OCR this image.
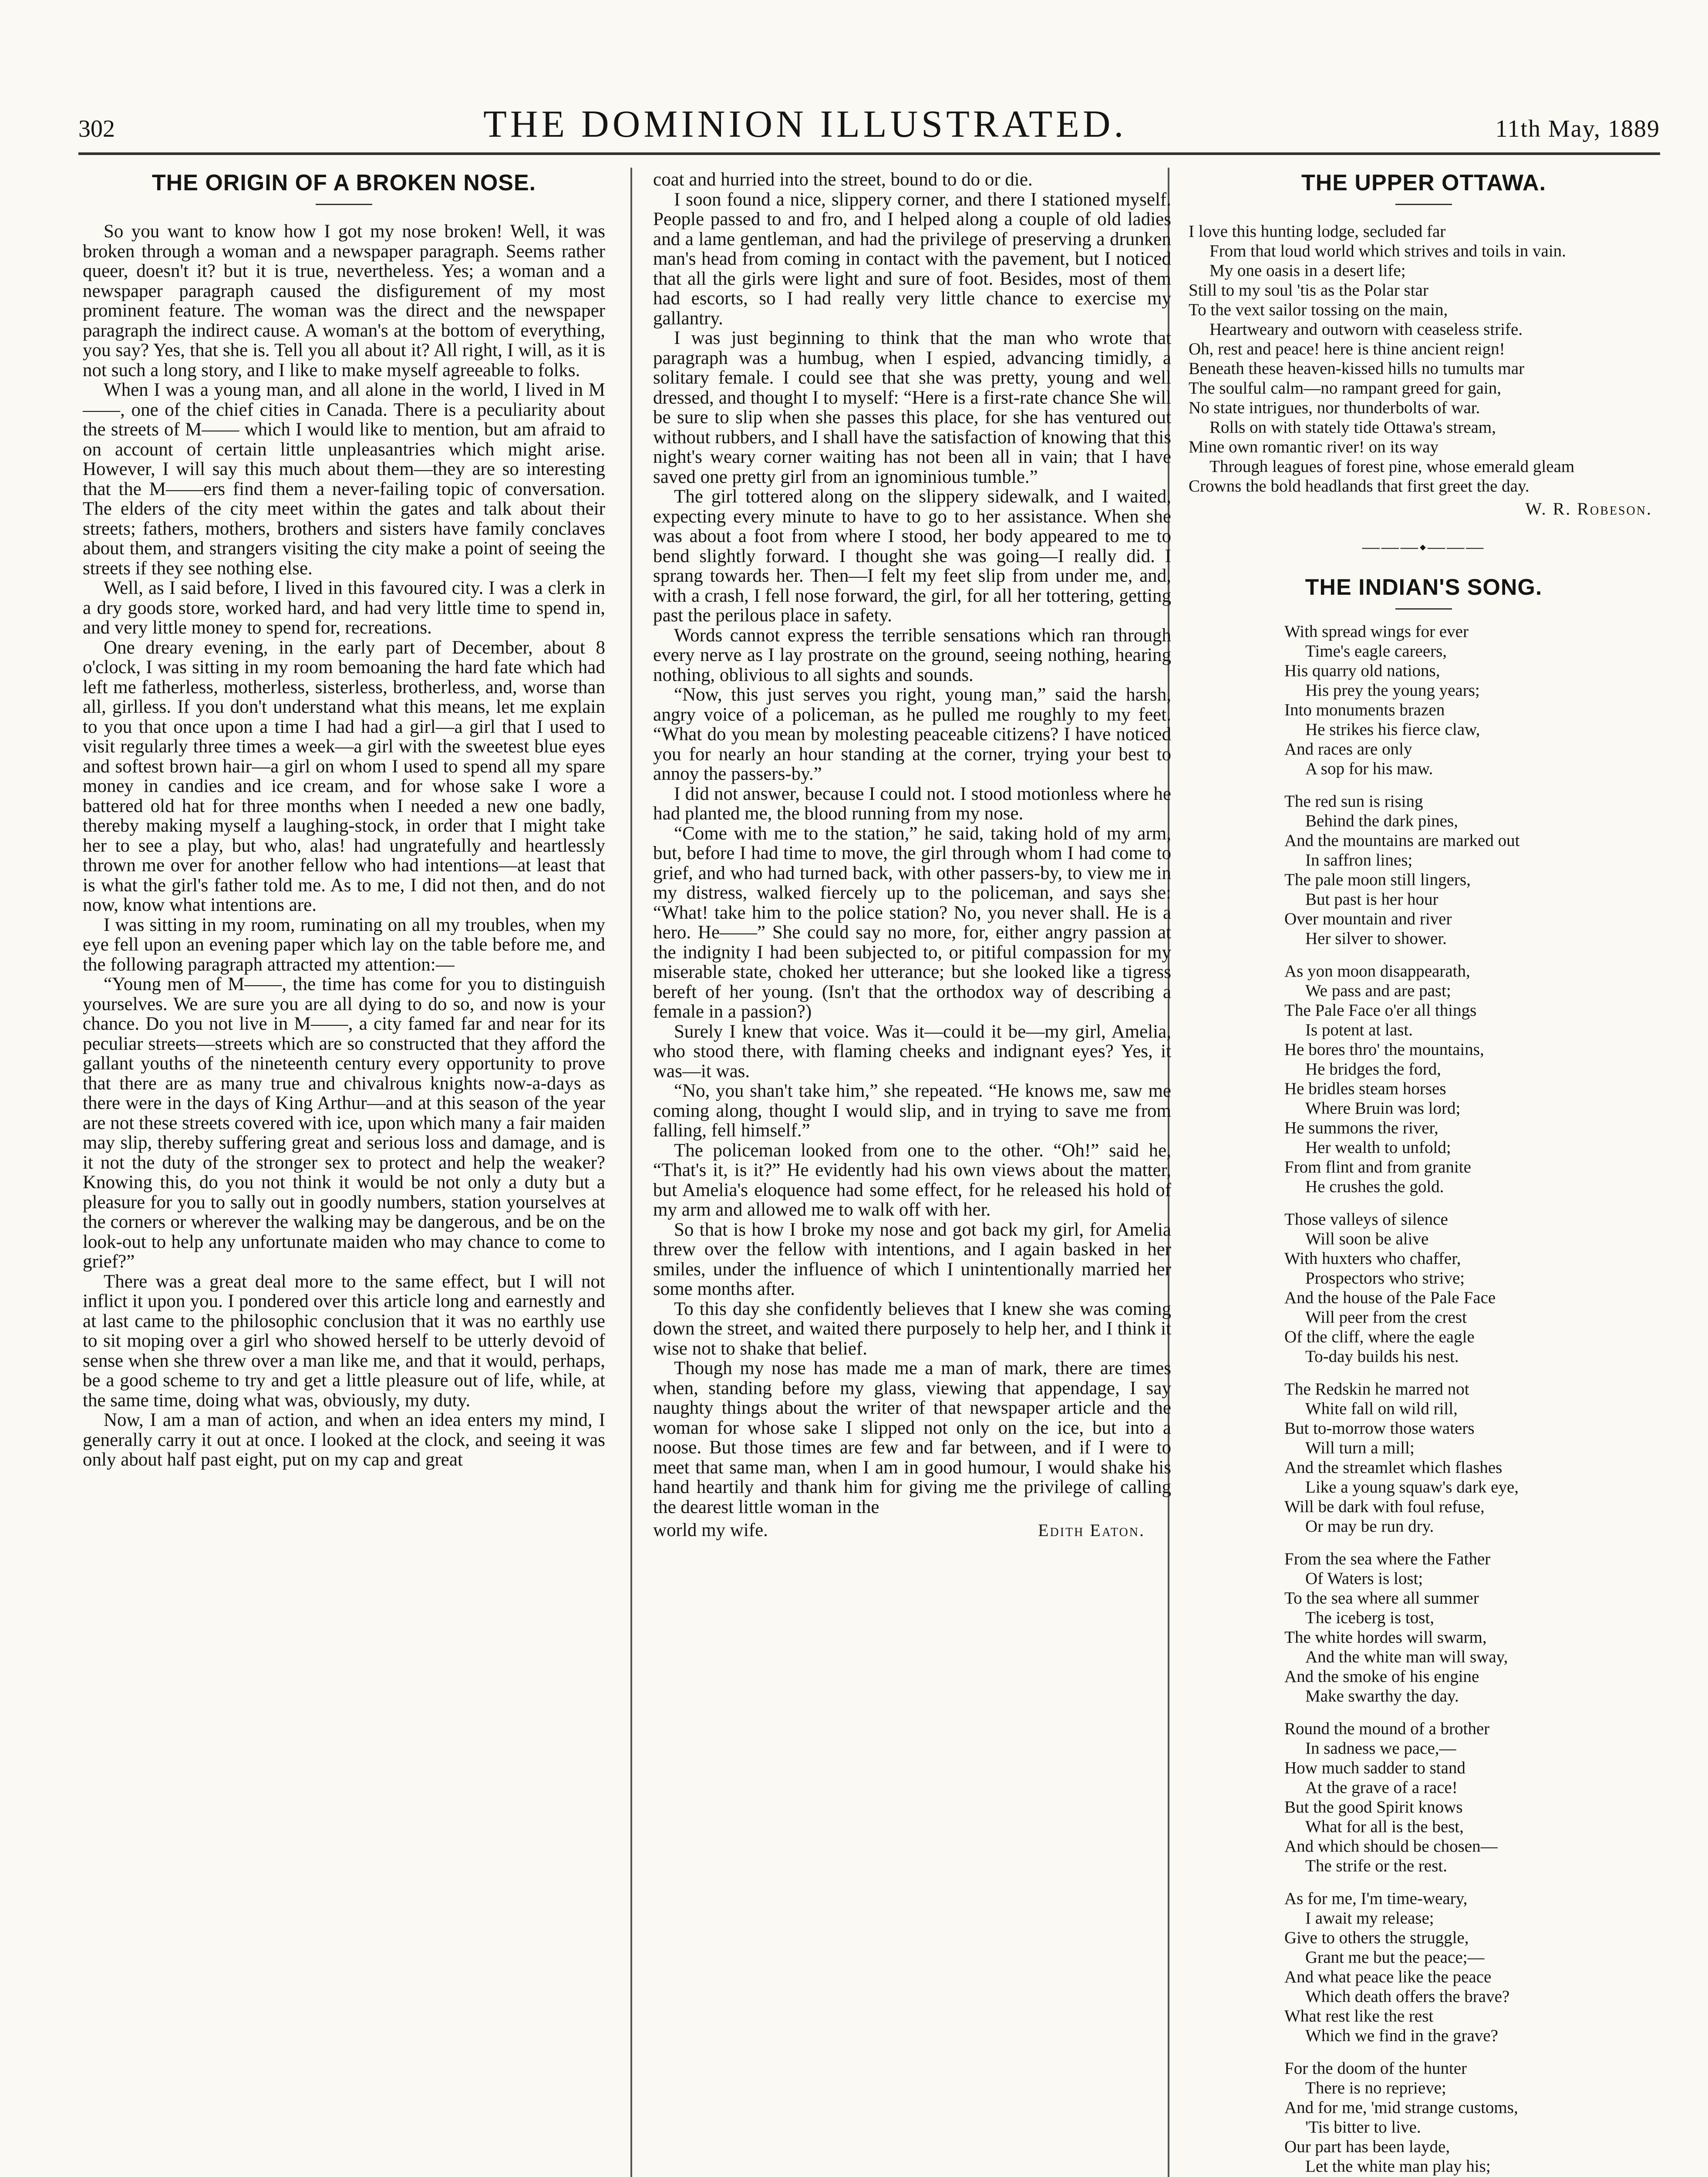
302	THE DOMINION ILLUSTRATED.	11th May, 1889
THE ORIGIN OF A BROKEN NOSE.

So you want to know how I got my nose broken! Well, it was broken through a woman and a newspaper paragraph. Seems rather queer, doesn't it? but it is true, nevertheless. Yes; a woman and a newspaper paragraph caused the disfigurement of my most prominent feature. The woman was the direct and the newspaper paragraph the indirect cause. A woman's at the bottom of everything, you say? Yes, that she is. Tell you all about it? All right, I will, as it is not such a long story, and I like to make myself agreeable to folks.

When I was a young man, and all alone in the world, I lived in M——, one of the chief cities in Canada. There is a peculiarity about the streets of M—— which I would like to mention, but am afraid to on account of certain little unpleasantries which might arise. However, I will say this much about them—they are so interesting that the M——ers find them a never-failing topic of conversation. The elders of the city meet within the gates and talk about their streets; fathers, mothers, brothers and sisters have family conclaves about them, and strangers visiting the city make a point of seeing the streets if they see nothing else.

Well, as I said before, I lived in this favoured city. I was a clerk in a dry goods store, worked hard, and had very little time to spend in, and very little money to spend for, recreations.

One dreary evening, in the early part of December, about 8 o'clock, I was sitting in my room bemoaning the hard fate which had left me fatherless, motherless, sisterless, brotherless, and, worse than all, girlless. If you don't understand what this means, let me explain to you that once upon a time I had had a girl—a girl that I used to visit regularly three times a week—a girl with the sweetest blue eyes and softest brown hair—a girl on whom I used to spend all my spare money in candies and ice cream, and for whose sake I wore a battered old hat for three months when I needed a new one badly, thereby making myself a laughing-stock, in order that I might take her to see a play, but who, alas! had ungratefully and heartlessly thrown me over for another fellow who had intentions—at least that is what the girl's father told me. As to me, I did not then, and do not now, know what intentions are.

I was sitting in my room, ruminating on all my troubles, when my eye fell upon an evening paper which lay on the table before me, and the following paragraph attracted my attention:—

“Young men of M——, the time has come for you to distinguish yourselves. We are sure you are all dying to do so, and now is your chance. Do you not live in M——, a city famed far and near for its peculiar streets—streets which are so constructed that they afford the gallant youths of the nineteenth century every opportunity to prove that there are as many true and chivalrous knights now-a-days as there were in the days of King Arthur—and at this season of the year are not these streets covered with ice, upon which many a fair maiden may slip, thereby suffering great and serious loss and damage, and is it not the duty of the stronger sex to protect and help the weaker? Knowing this, do you not think it would be not only a duty but a pleasure for you to sally out in goodly numbers, station yourselves at the corners or wherever the walking may be dangerous, and be on the look-out to help any unfortunate maiden who may chance to come to grief?”

There was a great deal more to the same effect, but I will not inflict it upon you. I pondered over this article long and earnestly and at last came to the philosophic conclusion that it was no earthly use to sit moping over a girl who showed herself to be utterly devoid of sense when she threw over a man like me, and that it would, perhaps, be a good scheme to try and get a little pleasure out of life, while, at the same time, doing what was, obviously, my duty.

Now, I am a man of action, and when an idea enters my mind, I generally carry it out at once. I looked at the clock, and seeing it was only about half past eight, put on my cap and great

coat and hurried into the street, bound to do or die.

I soon found a nice, slippery corner, and there I stationed myself. People passed to and fro, and I helped along a couple of old ladies and a lame gentleman, and had the privilege of preserving a drunken man's head from coming in contact with the pavement, but I noticed that all the girls were light and sure of foot. Besides, most of them had escorts, so I had really very little chance to exercise my gallantry.

I was just beginning to think that the man who wrote that paragraph was a humbug, when I espied, advancing timidly, a solitary female. I could see that she was pretty, young and well dressed, and thought I to myself: “Here is a first-rate chance She will be sure to slip when she passes this place, for she has ventured out without rubbers, and I shall have the satisfaction of knowing that this night's weary corner waiting has not been all in vain; that I have saved one pretty girl from an ignominious tumble.”

The girl tottered along on the slippery sidewalk, and I waited, expecting every minute to have to go to her assistance. When she was about a foot from where I stood, her body appeared to me to bend slightly forward. I thought she was going—I really did. I sprang towards her. Then—I felt my feet slip from under me, and, with a crash, I fell nose forward, the girl, for all her tottering, getting past the perilous place in safety.

Words cannot express the terrible sensations which ran through every nerve as I lay prostrate on the ground, seeing nothing, hearing nothing, oblivious to all sights and sounds.

“Now, this just serves you right, young man,” said the harsh, angry voice of a policeman, as he pulled me roughly to my feet. “What do you mean by molesting peaceable citizens? I have noticed you for nearly an hour standing at the corner, trying your best to annoy the passers-by.”

I did not answer, because I could not. I stood motionless where he had planted me, the blood running from my nose.

“Come with me to the station,” he said, taking hold of my arm, but, before I had time to move, the girl through whom I had come to grief, and who had turned back, with other passers-by, to view me in my distress, walked fiercely up to the policeman, and says she: “What! take him to the police station? No, you never shall. He is a hero. He——” She could say no more, for, either angry passion at the indignity I had been subjected to, or pitiful compassion for my miserable state, choked her utterance; but she looked like a tigress bereft of her young. (Isn't that the orthodox way of describing a female in a passion?)

Surely I knew that voice. Was it—could it be—my girl, Amelia, who stood there, with flaming cheeks and indignant eyes? Yes, it was—it was.

“No, you shan't take him,” she repeated. “He knows me, saw me coming along, thought I would slip, and in trying to save me from falling, fell himself.”

The policeman looked from one to the other. “Oh!” said he, “That's it, is it?” He evidently had his own views about the matter, but Amelia's eloquence had some effect, for he released his hold of my arm and allowed me to walk off with her.

So that is how I broke my nose and got back my girl, for Amelia threw over the fellow with intentions, and I again basked in her smiles, under the influence of which I unintentionally married her some months after.

To this day she confidently believes that I knew she was coming down the street, and waited there purposely to help her, and I think it wise not to shake that belief.

Though my nose has made me a man of mark, there are times when, standing before my glass, viewing that appendage, I say naughty things about the writer of that newspaper article and the woman for whose sake I slipped not only on the ice, but into a noose. But those times are few and far between, and if I were to meet that same man, when I am in good humour, I would shake his hand heartily and thank him for giving me the privilege of calling the dearest little woman in the

world my wife.	Edith Eaton.
THE UPPER OTTAWA.
I love this hunting lodge, secluded far
From that loud world which strives and toils in vain.
My one oasis in a desert life;
Still to my soul 'tis as the Polar star
To the vext sailor tossing on the main,
Heartweary and outworn with ceaseless strife.
Oh, rest and peace! here is thine ancient reign!
Beneath these heaven-kissed hills no tumults mar
The soulful calm—no rampant greed for gain,
No state intrigues, nor thunderbolts of war.
Rolls on with stately tide Ottawa's stream,
Mine own romantic river! on its way
Through leagues of forest pine, whose emerald gleam
Crowns the bold headlands that first greet the day.
W. R. Robeson.
———⬩———
THE INDIAN'S SONG.
With spread wings for ever
Time's eagle careers,
His quarry old nations,
His prey the young years;
Into monuments brazen
He strikes his fierce claw,
And races are only
A sop for his maw.
The red sun is rising
Behind the dark pines,
And the mountains are marked out
In saffron lines;
The pale moon still lingers,
But past is her hour
Over mountain and river
Her silver to shower.
As yon moon disappearath,
We pass and are past;
The Pale Face o'er all things
Is potent at last.
He bores thro' the mountains,
He bridges the ford,
He bridles steam horses
Where Bruin was lord;
He summons the river,
Her wealth to unfold;
From flint and from granite
He crushes the gold.
Those valleys of silence
Will soon be alive
With huxters who chaffer,
Prospectors who strive;
And the house of the Pale Face
Will peer from the crest
Of the cliff, where the eagle
To-day builds his nest.
The Redskin he marred not
White fall on wild rill,
But to-morrow those waters
Will turn a mill;
And the streamlet which flashes
Like a young squaw's dark eye,
Will be dark with foul refuse,
Or may be run dry.
From the sea where the Father
Of Waters is lost;
To the sea where all summer
The iceberg is tost,
The white hordes will swarm,
And the white man will sway,
And the smoke of his engine
Make swarthy the day.
Round the mound of a brother
In sadness we pace,—
How much sadder to stand
At the grave of a race!
But the good Spirit knows
What for all is the best,
And which should be chosen—
The strife or the rest.
As for me, I'm time-weary,
I await my release;
Give to others the struggle,
Grant me but the peace;—
And what peace like the peace
Which death offers the brave?
What rest like the rest
Which we find in the grave?
For the doom of the hunter
There is no reprieve;
And for me, 'mid strange customs,
'Tis bitter to live.
Our part has been layde,
Let the white man play his;
